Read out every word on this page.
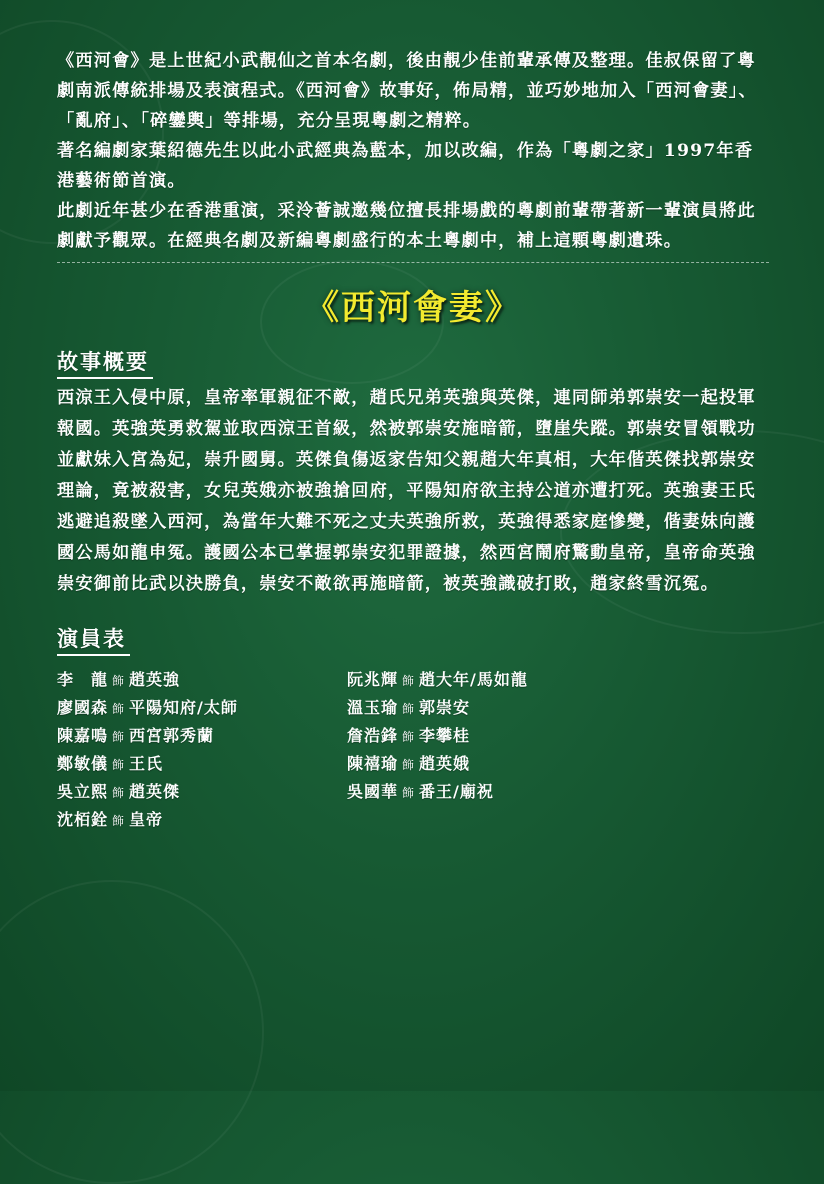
《西河會》是上世紀小武靚仙之首本名劇，後由靚少佳前輩承傳及整理。佳叔保留了粵劇南派傳統排場及表演程式。《西河會》故事好，佈局精，並巧妙地加入「西河會妻」、「亂府」、「碎鑾輿」等排場，充分呈現粵劇之精粹。

著名編劇家葉紹德先生以此小武經典為藍本，加以改編，作為「粵劇之家」1997年香港藝術節首演。

此劇近年甚少在香港重演，采泠薈誠邀幾位擅長排場戲的粵劇前輩帶著新一輩演員將此劇獻予觀眾。在經典名劇及新編粵劇盛行的本土粵劇中，補上這顆粵劇遺珠。

《西河會妻》
故事概要

西涼王入侵中原，皇帝率軍親征不敵，趙氏兄弟英強與英傑，連同師弟郭崇安一起投軍報國。英強英勇救駕並取西涼王首級，然被郭崇安施暗箭，墮崖失蹤。郭崇安冒領戰功並獻妹入宮為妃，崇升國舅。英傑負傷返家告知父親趙大年真相，大年偕英傑找郭崇安理論，竟被殺害，女兒英娥亦被強搶回府，平陽知府欲主持公道亦遭打死。英強妻王氏逃避追殺墜入西河，為當年大難不死之丈夫英強所救，英強得悉家庭慘變，偕妻妹向護國公馬如龍申冤。護國公本已掌握郭崇安犯罪證據，然西宮鬧府驚動皇帝，皇帝命英強崇安御前比武以決勝負，崇安不敵欲再施暗箭，被英強識破打敗，趙家終雪沉冤。

演員表
李　龍 飾 趙英強
廖國森 飾 平陽知府/太師
陳嘉鳴 飾 西宮郭秀蘭
鄭敏儀 飾 王氏
吳立熙 飾 趙英傑
沈栢銓 飾 皇帝
阮兆輝 飾 趙大年/馬如龍
溫玉瑜 飾 郭崇安
詹浩鋒 飾 李攀桂
陳禧瑜 飾 趙英娥
吳國華 飾 番王/廟祝
